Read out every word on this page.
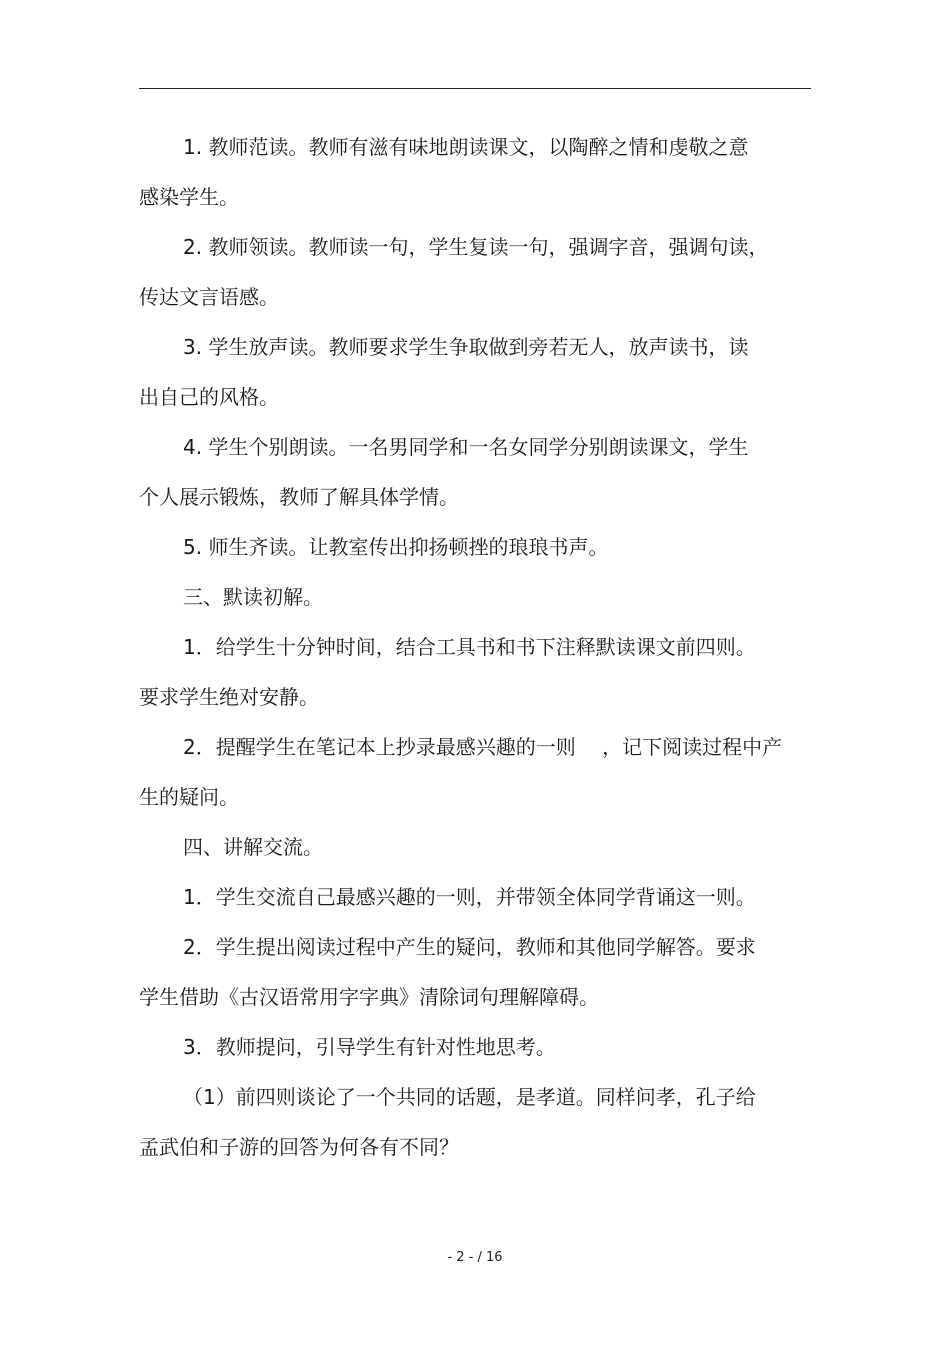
1. 教师范读。教师有滋有味地朗读课文，以陶醉之情和虔敬之意
感染学生。

2. 教师领读。教师读一句，学生复读一句，强调字音，强调句读，
传达文言语感。

3. 学生放声读。教师要求学生争取做到旁若无人，放声读书，读
出自己的风格。

4. 学生个别朗读。一名男同学和一名女同学分别朗读课文，学生
个人展示锻炼，教师了解具体学情。

5. 师生齐读。让教室传出抑扬顿挫的琅琅书声。

三、默读初解。

1．给学生十分钟时间，结合工具书和书下注释默读课文前四则。
要求学生绝对安静。

2．提醒学生在笔记本上抄录最感兴趣的一则　 ，记下阅读过程中产
生的疑问。

四、讲解交流。

1．学生交流自己最感兴趣的一则，并带领全体同学背诵这一则。

2．学生提出阅读过程中产生的疑问，教师和其他同学解答。要求
学生借助《古汉语常用字字典》清除词句理解障碍。

3．教师提问，引导学生有针对性地思考。

（1）前四则谈论了一个共同的话题，是孝道。同样问孝，孔子给
孟武伯和子游的回答为何各有不同？

- 2 - / 16
